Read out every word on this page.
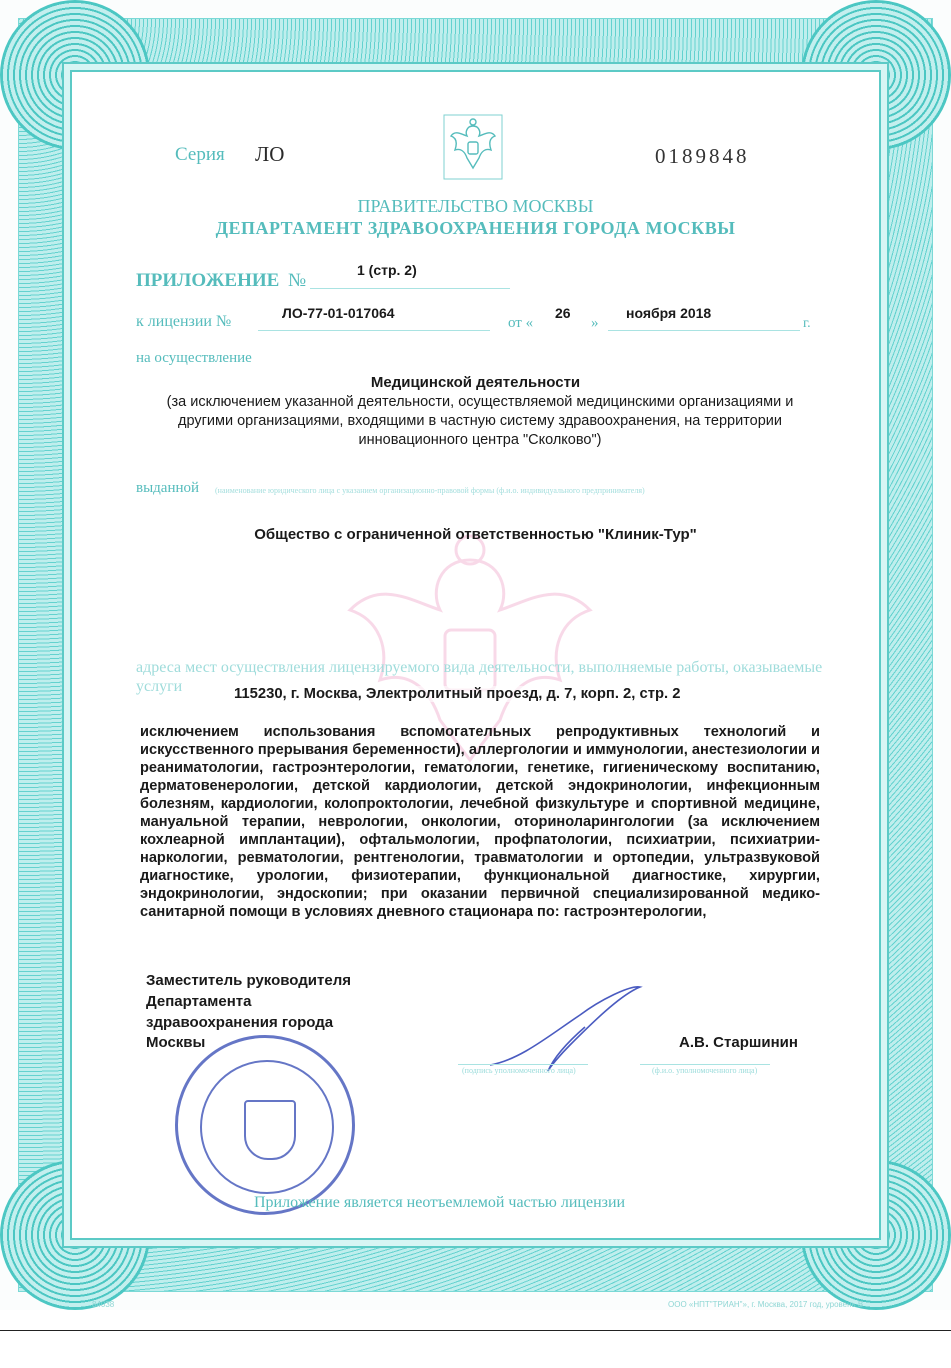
Серия ЛО	0189848
ПРАВИТЕЛЬСТВО МОСКВЫ
ДЕПАРТАМЕНТ ЗДРАВООХРАНЕНИЯ ГОРОДА МОСКВЫ
ПРИЛОЖЕНИЕ №	1 (стр. 2)
к лицензии №	ЛО-77-01-017064
от «
26
»
ноября 2018
г.
на осуществление
Медицинской деятельности
(за исключением указанной деятельности, осуществляемой медицинскими организациями и другими организациями, входящими в частную систему здравоохранения, на территории инновационного центра "Сколково")
выданной (наименование юридического лица с указанием организационно-правовой формы (ф.и.о. индивидуального предпринимателя)
Общество с ограниченной ответственностью "Клиник-Тур"
адреса мест осуществления лицензируемого вида деятельности, выполняемые работы, оказываемые услуги	115230, г. Москва, Электролитный проезд, д. 7, корп. 2, стр. 2
исключением использования вспомогательных репродуктивных технологий и искусственного прерывания беременности), аллергологии и иммунологии, анестезиологии и реаниматологии, гастроэнтерологии, гематологии, генетике, гигиеническому воспитанию, дерматовенерологии, детской кардиологии, детской эндокринологии, инфекционным болезням, кардиологии, колопроктологии, лечебной физкультуре и спортивной медицине, мануальной терапии, неврологии, онкологии, оториноларингологии (за исключением кохлеарной имплантации), офтальмологии, профпатологии, психиатрии, психиатрии-наркологии, ревматологии, рентгенологии, травматологии и ортопедии, ультразвуковой диагностике, урологии, физиотерапии, функциональной диагностике, хирургии, эндокринологии, эндоскопии; при оказании первичной специализированной медико-санитарной помощи в условиях дневного стационара по: гастроэнтерологии,
Заместитель руководителя
Департамента
здравоохранения города
Москвы
(подпись уполномоченного лица)	(ф.и.о. уполномоченного лица)
А.В. Старшинин
Приложение является неотъемлемой частью лицензии
84038	ООО «НПТ"ТРИАН"», г. Москва, 2017 год, уровень В
